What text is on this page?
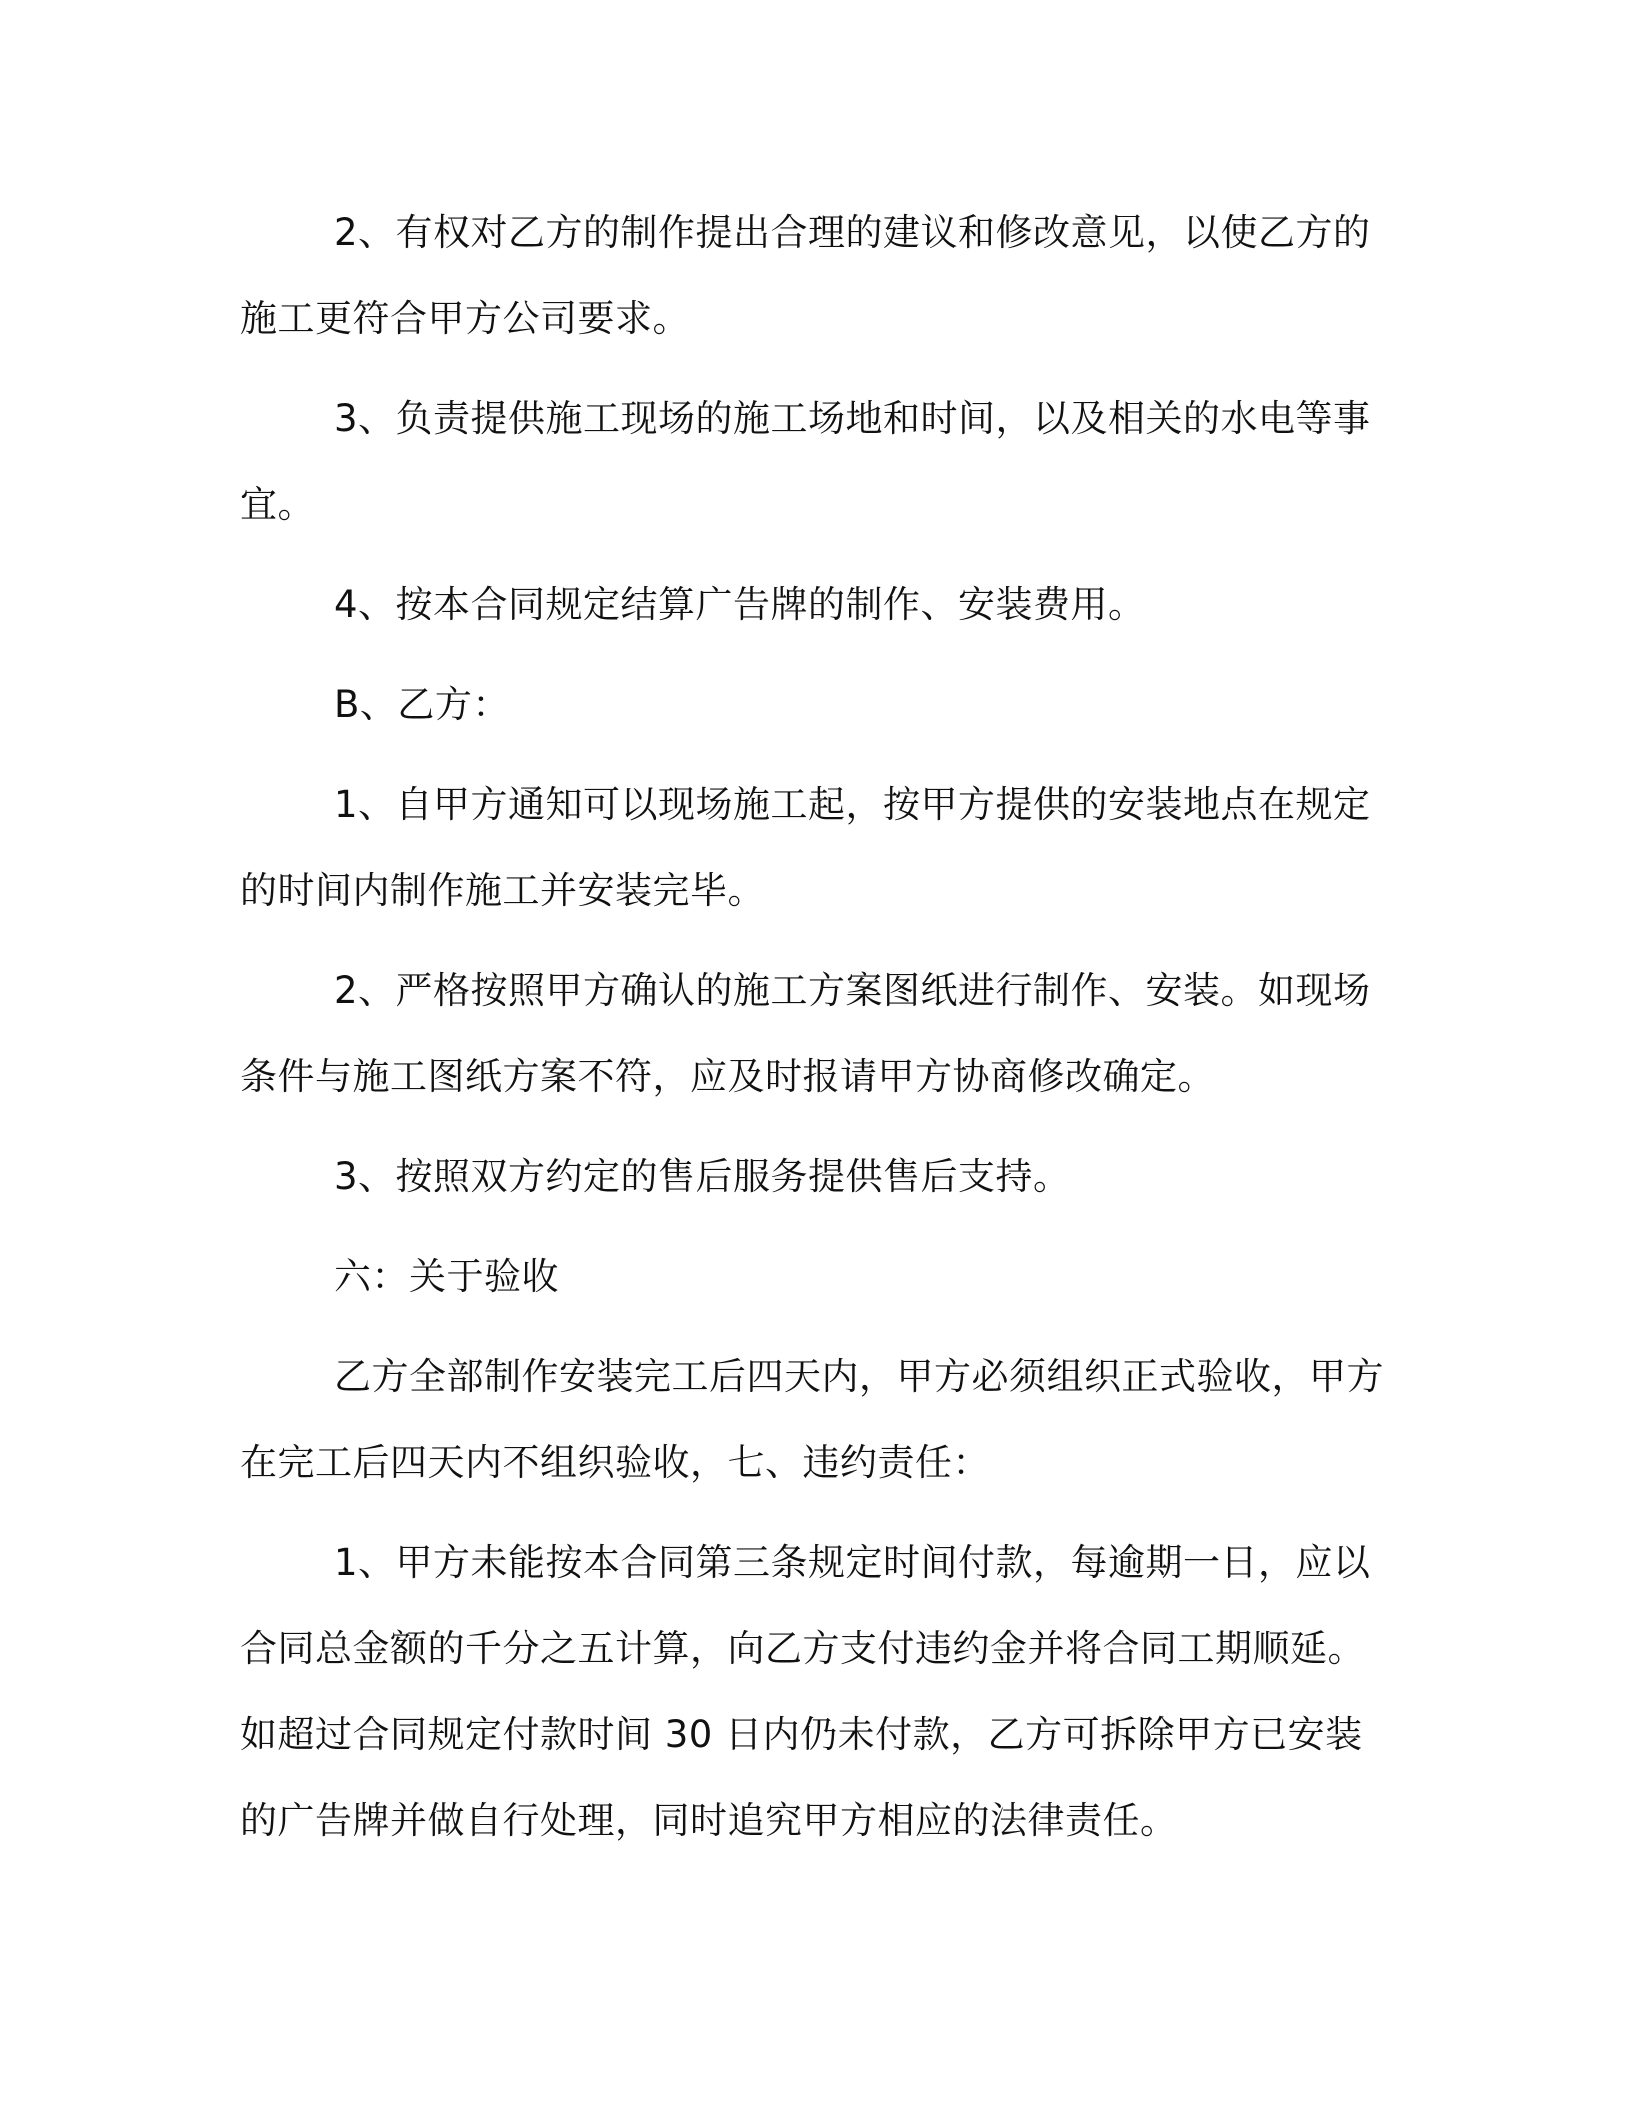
2、有权对乙方的制作提出合理的建议和修改意见，以使乙方的施工更符合甲方公司要求。

3、负责提供施工现场的施工场地和时间，以及相关的水电等事宜。

4、按本合同规定结算广告牌的制作、安装费用。

B、乙方：

1、自甲方通知可以现场施工起，按甲方提供的安装地点在规定的时间内制作施工并安装完毕。

2、严格按照甲方确认的施工方案图纸进行制作、安装。如现场条件与施工图纸方案不符，应及时报请甲方协商修改确定。

3、按照双方约定的售后服务提供售后支持。

六：关于验收

乙方全部制作安装完工后四天内，甲方必须组织正式验收，甲方在完工后四天内不组织验收，七、违约责任：

1、甲方未能按本合同第三条规定时间付款，每逾期一日，应以合同总金额的千分之五计算，向乙方支付违约金并将合同工期顺延。如超过合同规定付款时间 30 日内仍未付款，乙方可拆除甲方已安装的广告牌并做自行处理，同时追究甲方相应的法律责任。
